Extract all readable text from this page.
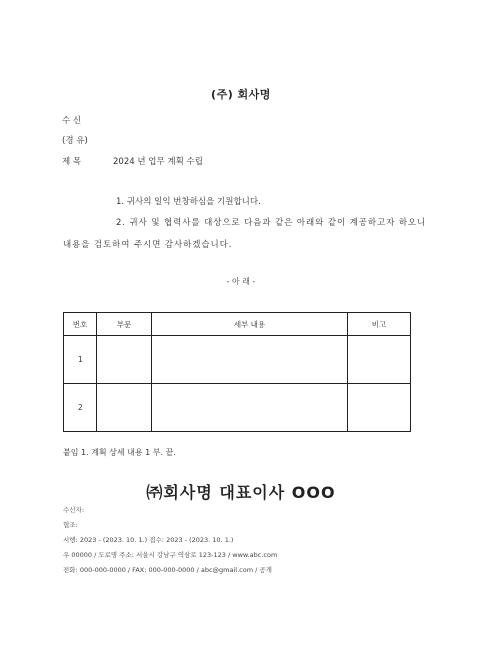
(주) 회사명
수 신
(경 유)
제 목	2024 년 업무 계획 수립
1. 귀사의 일익 번창하심을 기원합니다.
2. 귀사 및 협력사를 대상으로 다음과 같은 아래와 같이 계공하고자 하오니
내용을 검토하여 주시면 감사하겠습니다.
- 아 래 -
번호	부문	세부 내용	비고
1			
2			
붙임 1. 계획 상세 내용 1 부. 끝.
㈜회사명 대표이사 OOO
수신자:
협조:
시행: 2023 - (2023. 10. 1.) 접수: 2023 - (2023. 10. 1.)
우 00000 / 도로명 주소: 서울시 강남구 역삼로 123-123 / www.abc.com
전화: 000-000-0000 / FAX: 000-000-0000 / abc@gmail.com / 공개
